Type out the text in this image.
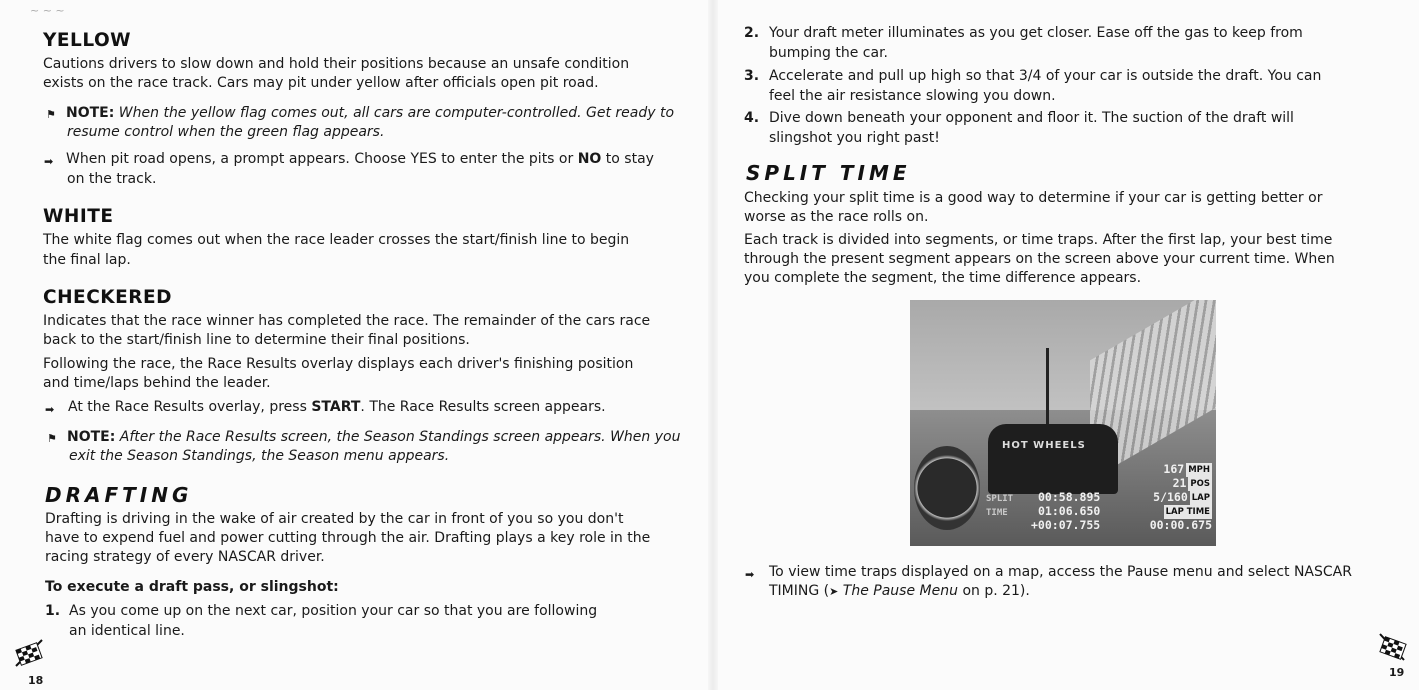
~ ~ ~
YELLOW
Cautions drivers to slow down and hold their positions because an unsafe condition
exists on the race track. Cars may pit under yellow after officials open pit road.
⚑ NOTE: When the yellow flag comes out, all cars are computer-controlled. Get ready to
resume control when the green flag appears.
➡ When pit road opens, a prompt appears. Choose YES to enter the pits or NO to stay
on the track.
WHITE
The white flag comes out when the race leader crosses the start/finish line to begin
the final lap.
CHECKERED
Indicates that the race winner has completed the race. The remainder of the cars race
back to the start/finish line to determine their final positions.
Following the race, the Race Results overlay displays each driver's finishing position
and time/laps behind the leader.
➡ At the Race Results overlay, press START. The Race Results screen appears.
⚑ NOTE: After the Race Results screen, the Season Standings screen appears. When you
exit the Season Standings, the Season menu appears.
DRAFTING
Drafting is driving in the wake of air created by the car in front of you so you don't
have to expend fuel and power cutting through the air. Drafting plays a key role in the
racing strategy of every NASCAR driver.
To execute a draft pass, or slingshot:
1. As you come up on the next car, position your car so that you are following
an identical line.
18
2. Your draft meter illuminates as you get closer. Ease off the gas to keep from
bumping the car.
3. Accelerate and pull up high so that 3/4 of your car is outside the draft. You can
feel the air resistance slowing you down.
4. Dive down beneath your opponent and floor it. The suction of the draft will
slingshot you right past!
SPLIT TIME
Checking your split time is a good way to determine if your car is getting better or
worse as the race rolls on.
Each track is divided into segments, or time traps. After the first lap, your best time
through the present segment appears on the screen above your current time. When
you complete the segment, the time difference appears.
HOT WHEELS
SPLIT
TIME
00:58.895
01:06.650
+00:07.755
167 MPH
21 POS
5/160 LAP
LAP TIME
00:00.675
➡ To view time traps displayed on a map, access the Pause menu and select NASCAR
TIMING (➤ The Pause Menu on p. 21).
19
